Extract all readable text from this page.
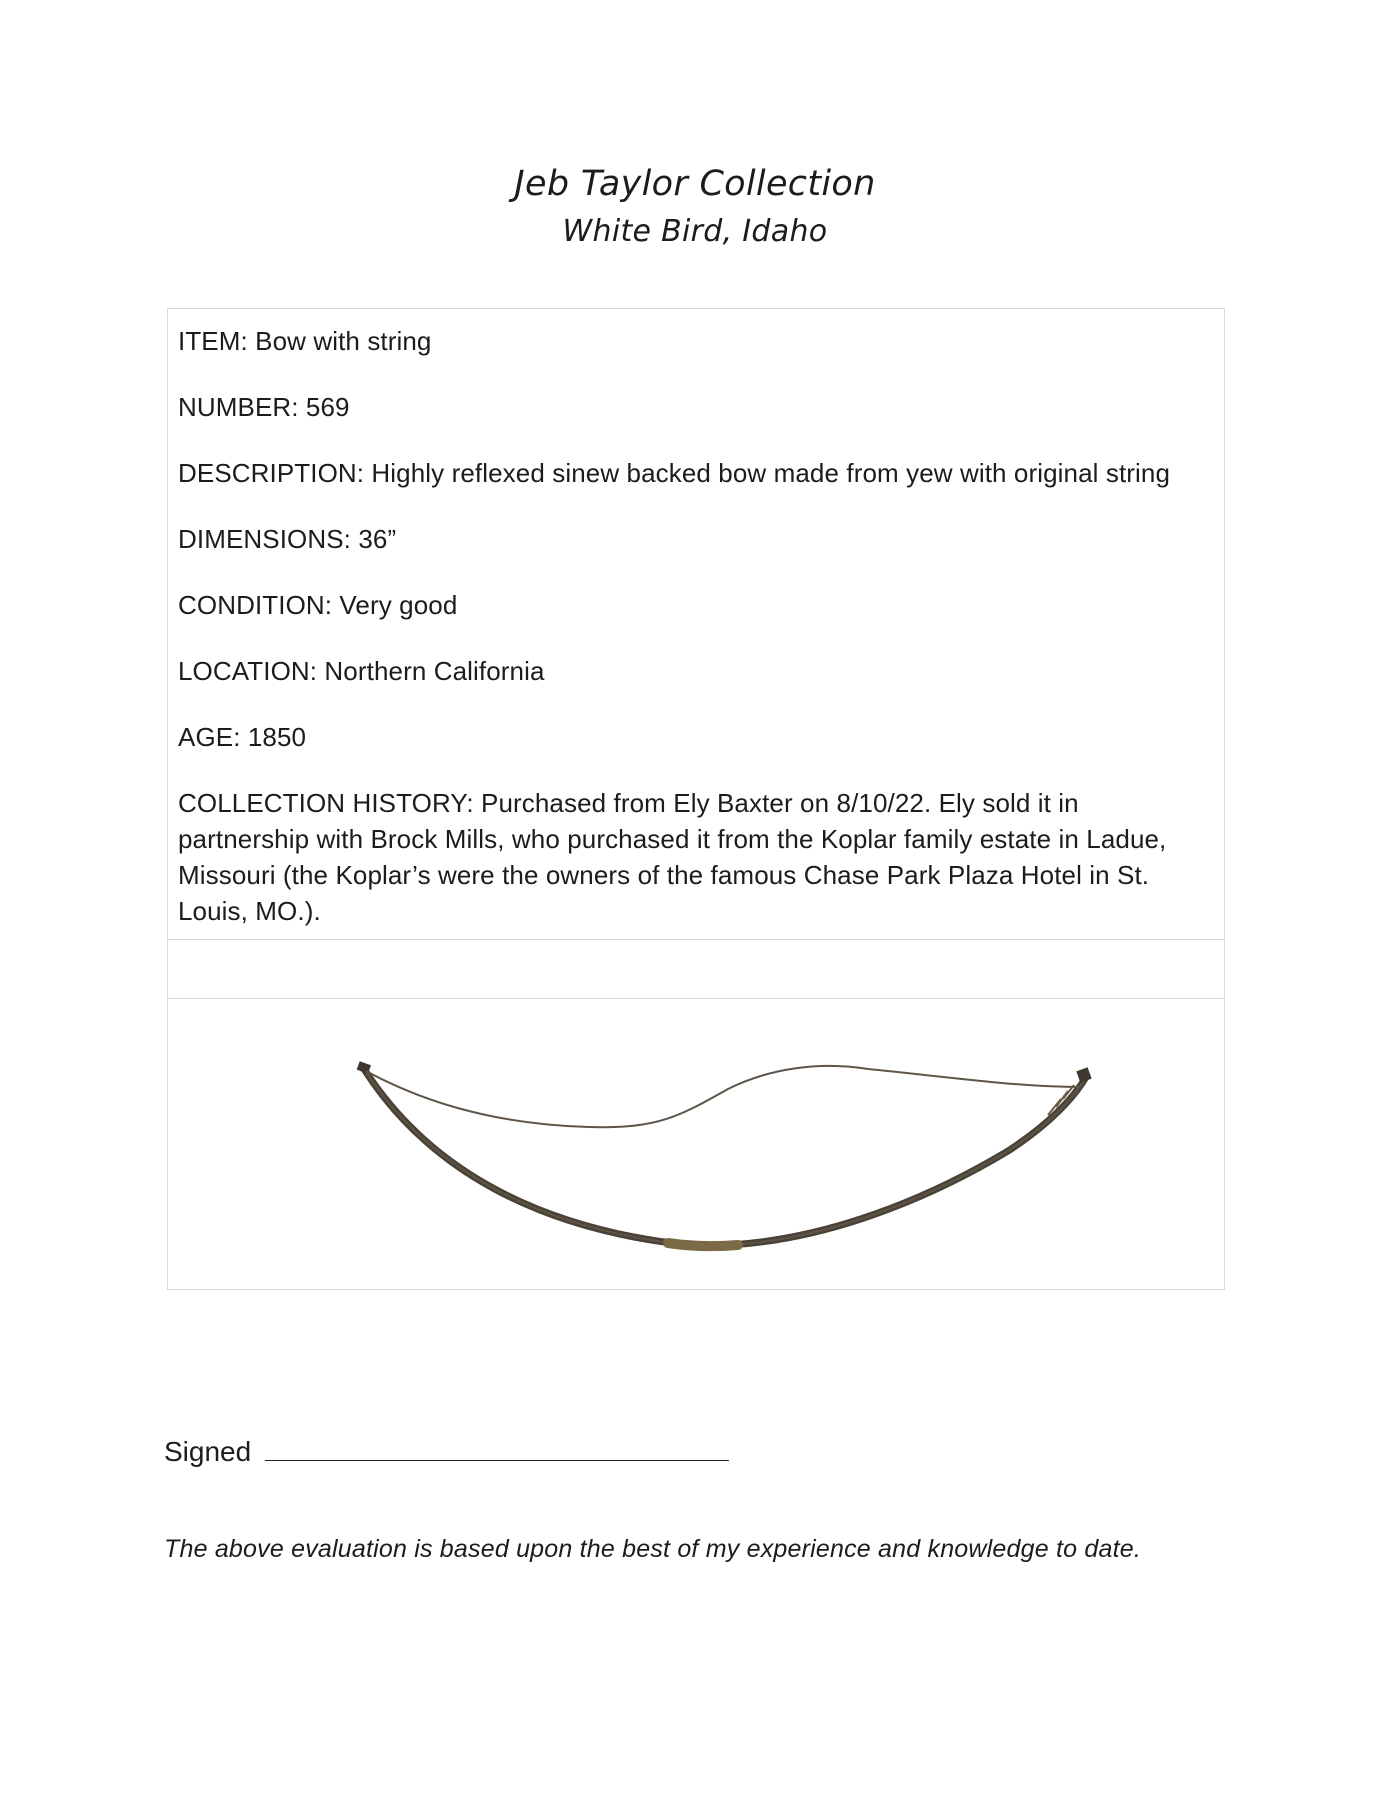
Jeb Taylor Collection

White Bird, Idaho

ITEM: Bow with string

NUMBER: 569

DESCRIPTION: Highly reflexed sinew backed bow made from yew with original string

DIMENSIONS: 36”

CONDITION: Very good

LOCATION: Northern California

AGE: 1850

COLLECTION HISTORY: Purchased from Ely Baxter on 8/10/22. Ely sold it in partnership with Brock Mills, who purchased it from the Koplar family estate in Ladue, Missouri (the Koplar’s were the owners of the famous Chase Park Plaza Hotel in St. Louis, MO.).

Signed

The above evaluation is based upon the best of my experience and knowledge to date.
